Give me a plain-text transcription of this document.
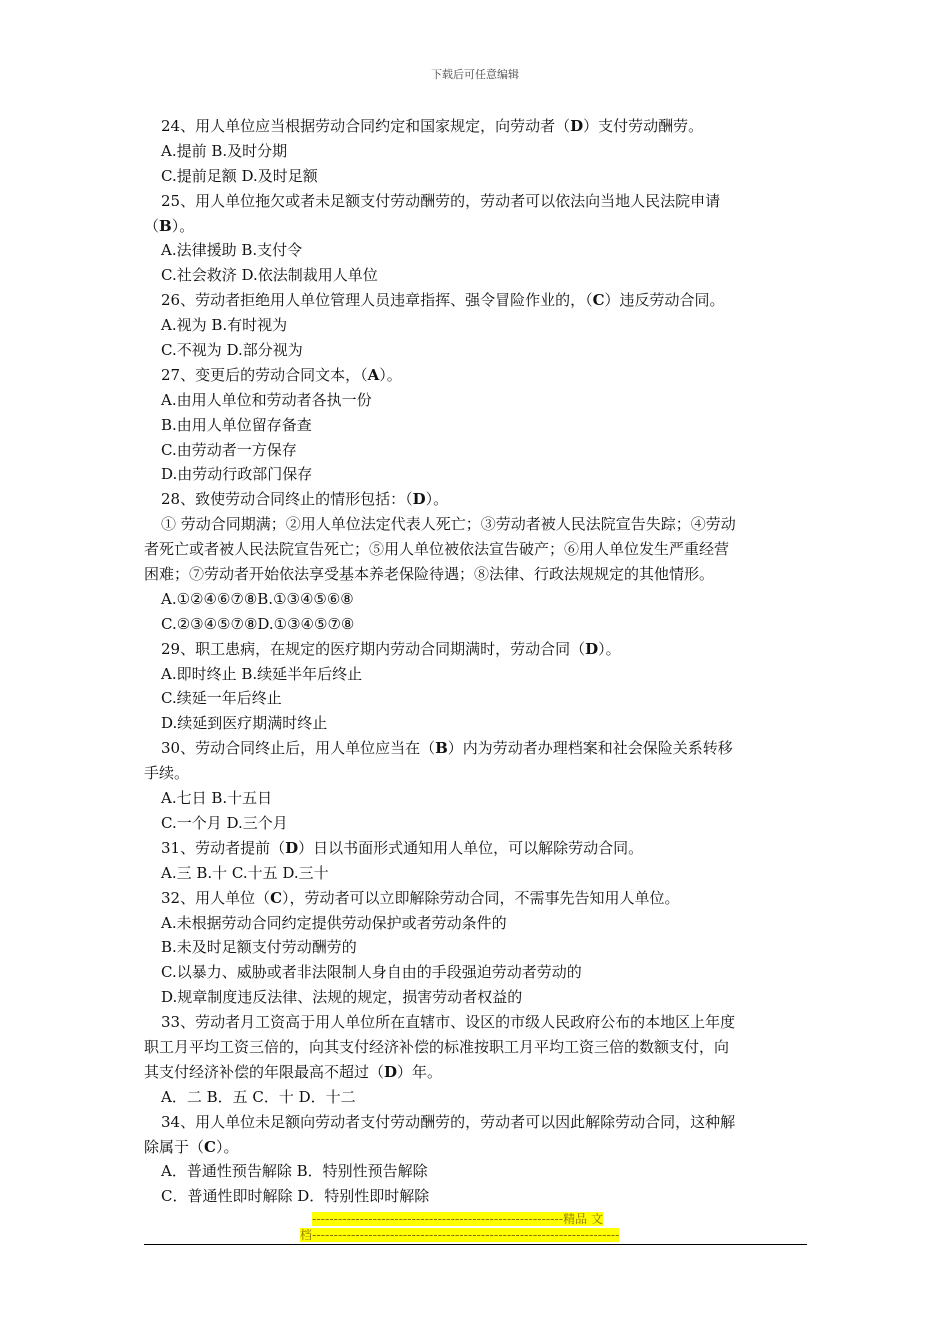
下载后可任意编辑
24、用人单位应当根据劳动合同约定和国家规定，向劳动者（D）支付劳动酬劳。
A.提前 B.及时分期
C.提前足额 D.及时足额
25、用人单位拖欠或者未足额支付劳动酬劳的，劳动者可以依法向当地人民法院申请
（B）。
A.法律援助 B.支付令
C.社会救济 D.依法制裁用人单位
26、劳动者拒绝用人单位管理人员违章指挥、强令冒险作业的，（C）违反劳动合同。
A.视为 B.有时视为
C.不视为 D.部分视为
27、变更后的劳动合同文本，（A）。
A.由用人单位和劳动者各执一份
B.由用人单位留存备查
C.由劳动者一方保存
D.由劳动行政部门保存
28、致使劳动合同终止的情形包括：（D）。
① 劳动合同期满；②用人单位法定代表人死亡；③劳动者被人民法院宣告失踪；④劳动
者死亡或者被人民法院宣告死亡；⑤用人单位被依法宣告破产；⑥用人单位发生严重经营
困难；⑦劳动者开始依法享受基本养老保险待遇；⑧法律、行政法规规定的其他情形。
A.①②④⑥⑦⑧B.①③④⑤⑥⑧
C.②③④⑤⑦⑧D.①③④⑤⑦⑧
29、职工患病，在规定的医疗期内劳动合同期满时，劳动合同（D）。
A.即时终止 B.续延半年后终止
C.续延一年后终止
D.续延到医疗期满时终止
30、劳动合同终止后，用人单位应当在（B）内为劳动者办理档案和社会保险关系转移
手续。
A.七日 B.十五日
C.一个月 D.三个月
31、劳动者提前（D）日以书面形式通知用人单位，可以解除劳动合同。
A.三 B.十 C.十五 D.三十
32、用人单位（C），劳动者可以立即解除劳动合同，不需事先告知用人单位。
A.未根据劳动合同约定提供劳动保护或者劳动条件的
B.未及时足额支付劳动酬劳的
C.以暴力、威胁或者非法限制人身自由的手段强迫劳动者劳动的
D.规章制度违反法律、法规的规定，损害劳动者权益的
33、劳动者月工资高于用人单位所在直辖市、设区的市级人民政府公布的本地区上年度
职工月平均工资三倍的，向其支付经济补偿的标准按职工月平均工资三倍的数额支付，向
其支付经济补偿的年限最高不超过（D）年。
A．二 B．五 C．十 D．十二
34、用人单位未足额向劳动者支付劳动酬劳的，劳动者可以因此解除劳动合同，这种解
除属于（C）。
A．普通性预告解除 B．特别性预告解除
C．普通性即时解除 D．特别性即时解除
----------------------------------------------------------精品 文
档-----------------------------------------------------------------------
